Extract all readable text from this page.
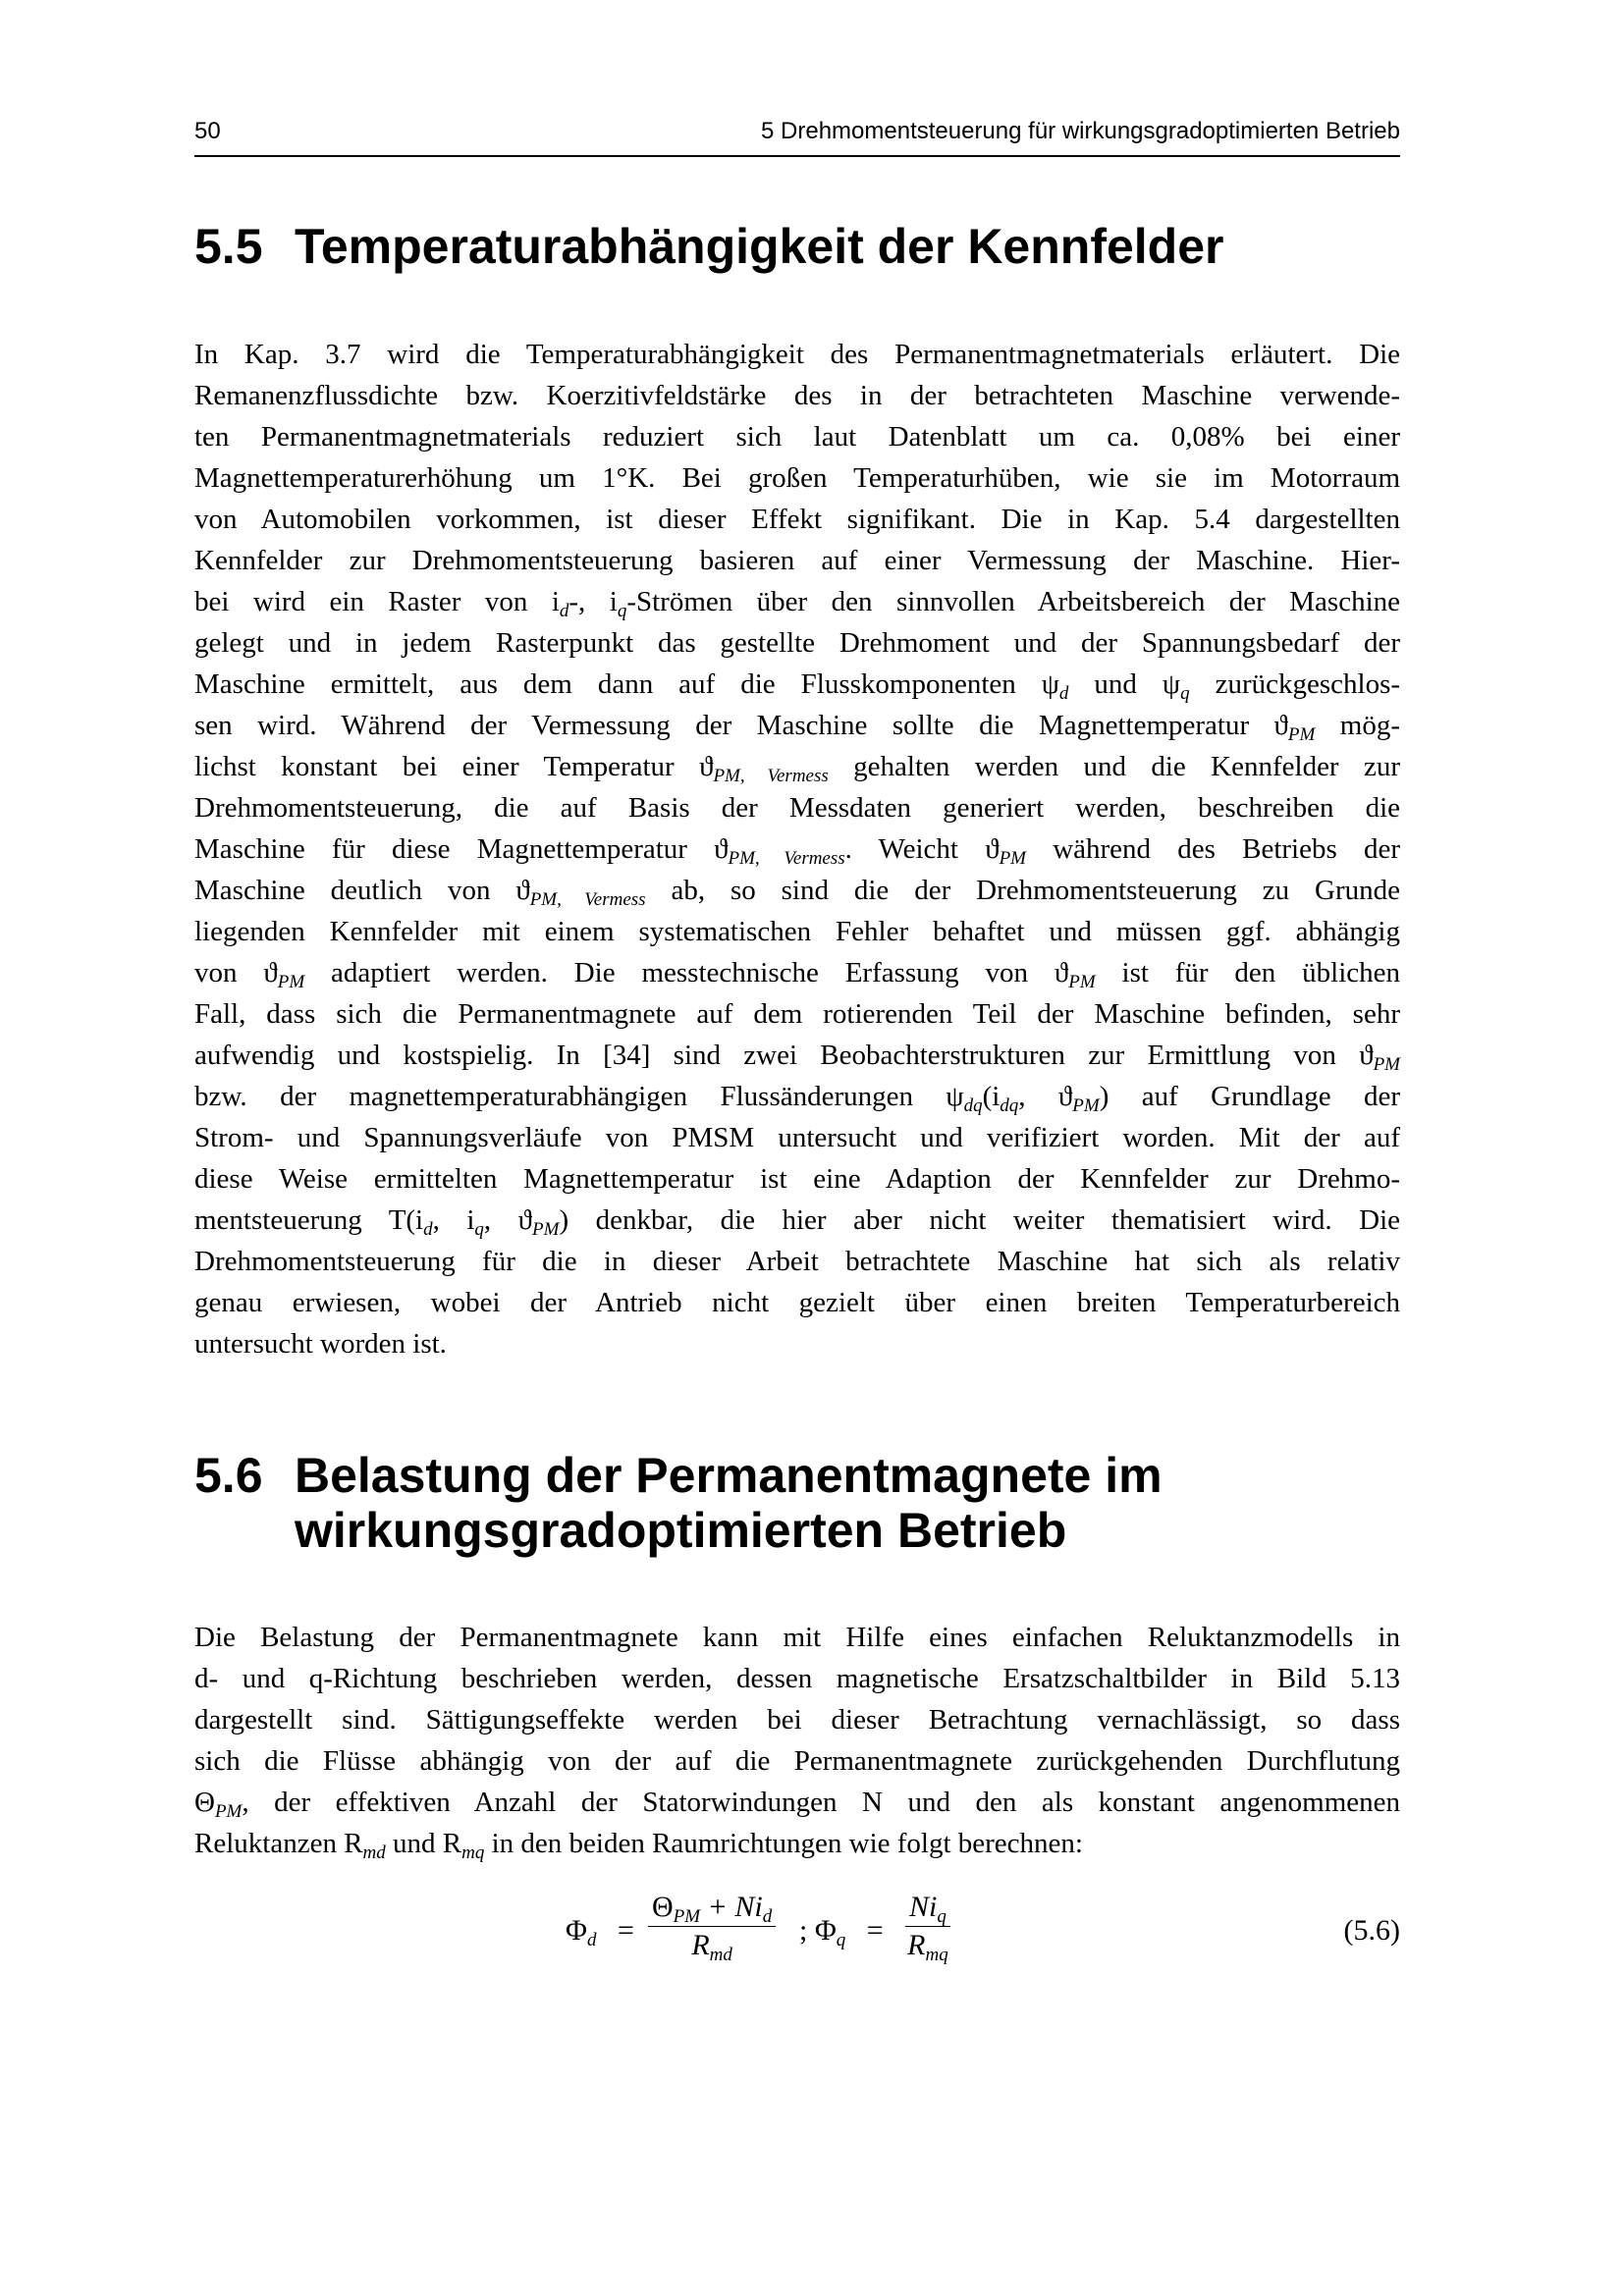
50	5 Drehmomentsteuerung für wirkungsgradoptimierten Betrieb
5.5 Temperaturabhängigkeit der Kennfelder
In Kap. 3.7 wird die Temperaturabhängigkeit des Permanentmagnetmaterials erläutert. Die
Remanenzflussdichte bzw. Koerzitivfeldstärke des in der betrachteten Maschine verwende-
ten Permanentmagnetmaterials reduziert sich laut Datenblatt um ca. 0,08% bei einer
Magnettemperaturerhöhung um 1°K. Bei großen Temperaturhüben, wie sie im Motorraum
von Automobilen vorkommen, ist dieser Effekt signifikant. Die in Kap. 5.4 dargestellten
Kennfelder zur Drehmomentsteuerung basieren auf einer Vermessung der Maschine. Hier-
bei wird ein Raster von $i_d-$, $i_q$-Strömen über den sinnvollen Arbeitsbereich der Maschine
gelegt und in jedem Rasterpunkt das gestellte Drehmoment und der Spannungsbedarf der
Maschine ermittelt, aus dem dann auf die Flusskomponenten $\psi_d$ und $\psi_q$ zurückgeschlos-
sen wird. Während der Vermessung der Maschine sollte die Magnettemperatur $ϑ_{PM}$ mög-
lichst konstant bei einer Temperatur $ϑ_{PM, Vermess}$ gehalten werden und die Kennfelder zur
Drehmomentsteuerung, die auf Basis der Messdaten generiert werden, beschreiben die
Maschine für diese Magnettemperatur $ϑ_{PM, Vermess}$. Weicht $ϑ_{PM}$ während des Betriebs der
Maschine deutlich von $ϑ_{PM, Vermess}$ ab, so sind die der Drehmomentsteuerung zu Grunde
liegenden Kennfelder mit einem systematischen Fehler behaftet und müssen ggf. abhängig
von $ϑ_{PM}$ adaptiert werden. Die messtechnische Erfassung von $ϑ_{PM}$ ist für den üblichen
Fall, dass sich die Permanentmagnete auf dem rotierenden Teil der Maschine befinden, sehr
aufwendig und kostspielig. In [34] sind zwei Beobachterstrukturen zur Ermittlung von $ϑ_{PM}$
bzw. der magnettemperaturabhängigen Flussänderungen $\psi_{dq}(i_{dq}$, $ϑ_{PM}$) auf Grundlage der
Strom- und Spannungsverläufe von PMSM untersucht und verifiziert worden. Mit der auf
diese Weise ermittelten Magnettemperatur ist eine Adaption der Kennfelder zur Drehmo-
mentsteuerung $T(i_d$, $i_q$, $ϑ_{PM}$) denkbar, die hier aber nicht weiter thematisiert wird. Die
Drehmomentsteuerung für die in dieser Arbeit betrachtete Maschine hat sich als relativ
genau erwiesen, wobei der Antrieb nicht gezielt über einen breiten Temperaturbereich
untersucht worden ist.
5.6 Belastung der Permanentmagnete im
wirkungsgradoptimierten Betrieb
Die Belastung der Permanentmagnete kann mit Hilfe eines einfachen Reluktanzmodells in
d- und q-Richtung beschrieben werden, dessen magnetische Ersatzschaltbilder in Bild 5.13
dargestellt sind. Sättigungseffekte werden bei dieser Betrachtung vernachlässigt, so dass
sich die Flüsse abhängig von der auf die Permanentmagnete zurückgehenden Durchflutung
$\Theta_{PM}$, der effektiven Anzahl der Statorwindungen N und den als konstant angenommenen
Reluktanzen $R_{md}$ und $R_{mq}$ in den beiden Raumrichtungen wie folgt berechnen:
$\Phi_d$ =
$\Theta_{PM} + Ni_d$
$R_{md}$
; $\Phi_q$ =
$Ni_q$
$R_{mq}$
(5.6)
